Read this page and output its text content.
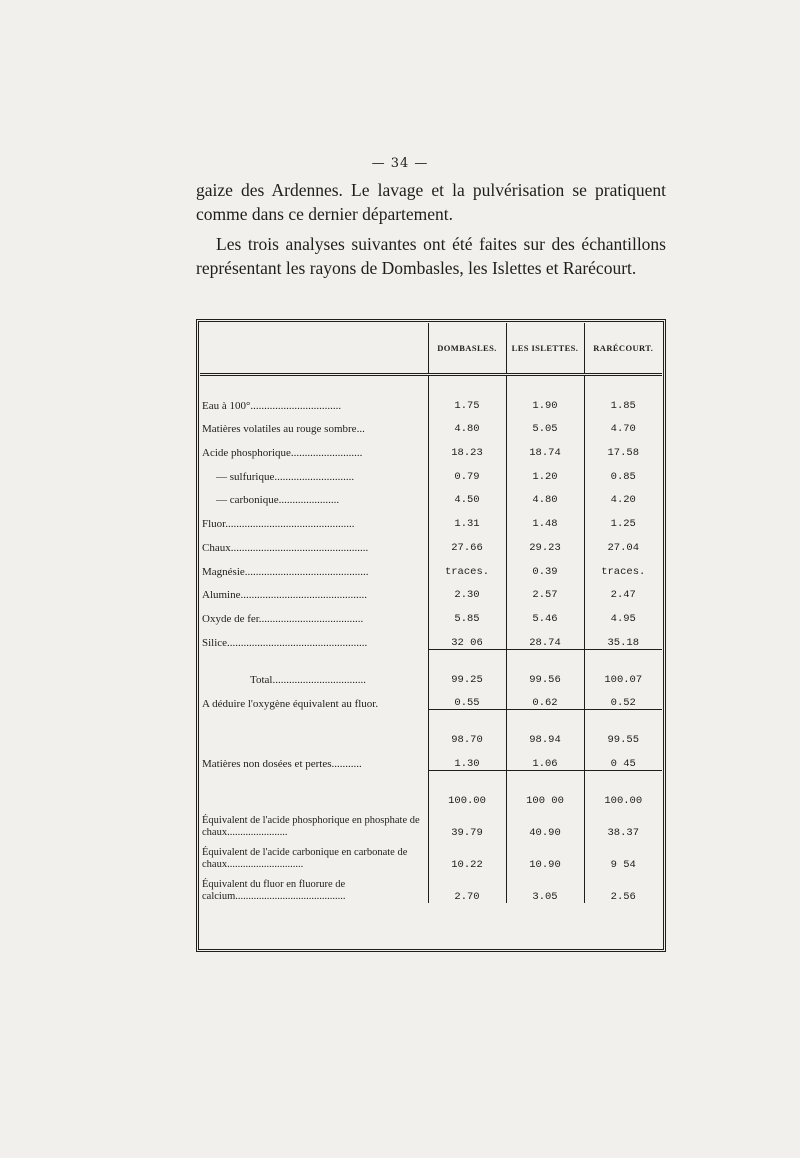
— 34 —

gaize des Ardennes. Le lavage et la pulvérisation se pratiquent comme dans ce dernier département.

Les trois analyses suivantes ont été faites sur des échantillons représentant les rayons de Dombasles, les Islettes et Rarécourt.

	DOMBASLES.	LES ISLETTES.	RARÉCOURT.

Eau à 100°.................................	1.75	1.90	1.85
Matières volatiles au rouge sombre...	4.80	5.05	4.70
Acide phosphorique..........................	18.23	18.74	17.58
— sulfurique.............................	0.79	1.20	0.85
— carbonique......................	4.50	4.80	4.20
Fluor...............................................	1.31	1.48	1.25
Chaux..................................................	27.66	29.23	27.04
Magnésie.............................................	traces.	0.39	traces.
Alumine..............................................	2.30	2.57	2.47
Oxyde de fer......................................	5.85	5.46	4.95
Silice...................................................	32 06	28.74	35.18
Total..................................	99.25	99.56	100.07
A déduire l'oxygène équivalent au fluor.	0.55	0.62	0.52
	98.70	98.94	99.55
Matières non dosées et pertes...........	1.30	1.06	0 45
	100.00	100 00	100.00
Équivalent de l'acide phosphorique en phosphate de chaux.......................	39.79	40.90	38.37
Équivalent de l'acide carbonique en carbonate de chaux.............................	10.22	10.90	9 54
Équivalent du fluor en fluorure de calcium..........................................	2.70	3.05	2.56
